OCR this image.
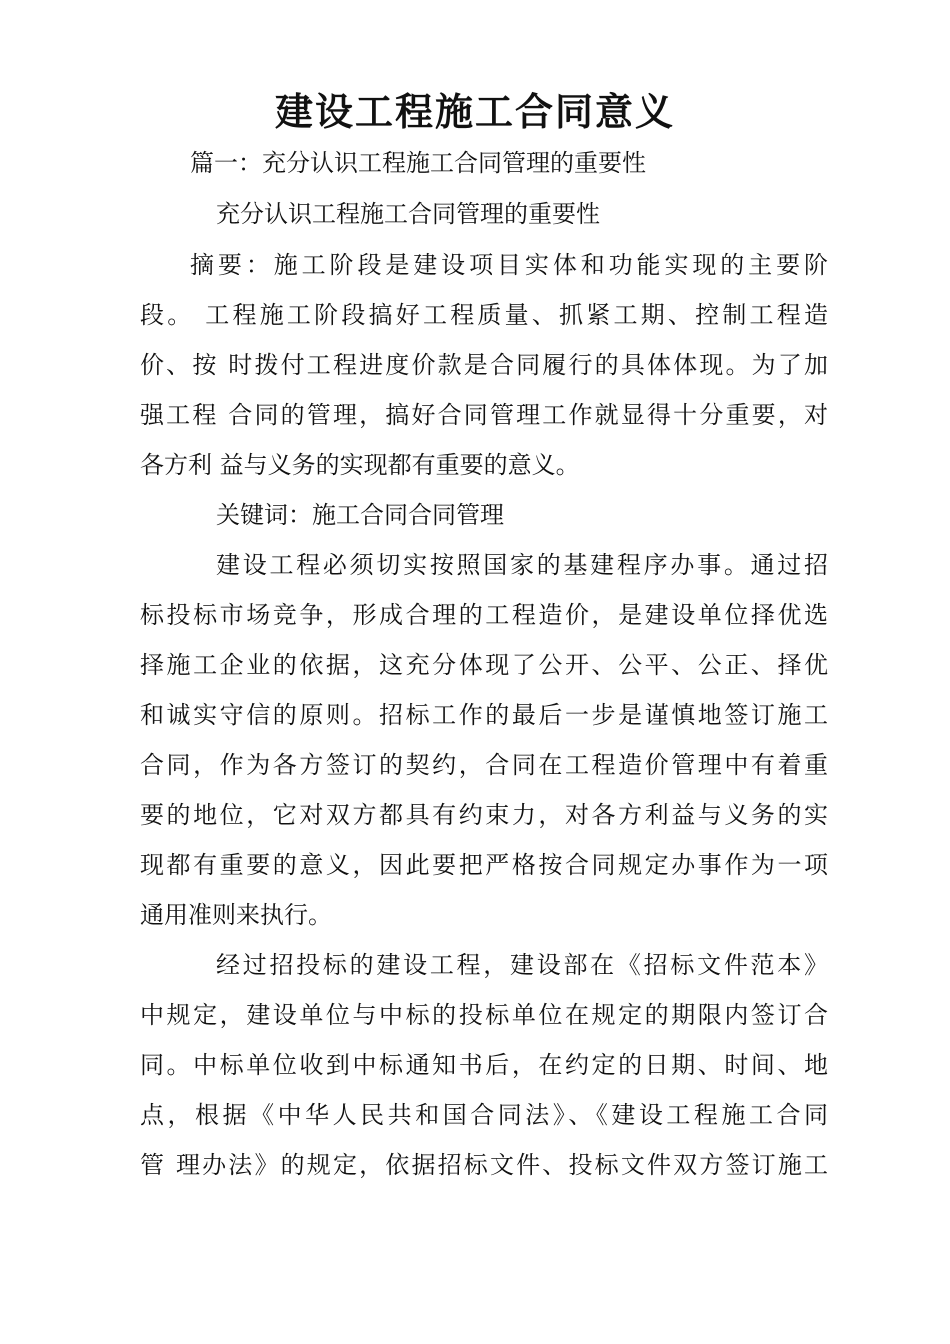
建设工程施工合同意义
篇一：充分认识工程施工合同管理的重要性
充分认识工程施工合同管理的重要性
摘要：施工阶段是建设项目实体和功能实现的主要阶
段。 工程施工阶段搞好工程质量、抓紧工期、控制工程造
价、按 时拨付工程进度价款是合同履行的具体体现。为了加
强工程 合同的管理，搞好合同管理工作就显得十分重要，对
各方利 益与义务的实现都有重要的意义。
关键词：施工合同合同管理
建设工程必须切实按照国家的基建程序办事。通过招
标投标市场竞争，形成合理的工程造价，是建设单位择优选
择施工企业的依据，这充分体现了公开、公平、公正、择优
和诚实守信的原则。招标工作的最后一步是谨慎地签订施工
合同，作为各方签订的契约，合同在工程造价管理中有着重
要的地位，它对双方都具有约束力，对各方利益与义务的实
现都有重要的意义，因此要把严格按合同规定办事作为一项
通用准则来执行。
经过招投标的建设工程，建设部在《招标文件范本》
中规定，建设单位与中标的投标单位在规定的期限内签订合
同。中标单位收到中标通知书后，在约定的日期、时间、地
点，根据《中华人民共和国合同法》、《建设工程施工合同
管 理办法》的规定，依据招标文件、投标文件双方签订施工
